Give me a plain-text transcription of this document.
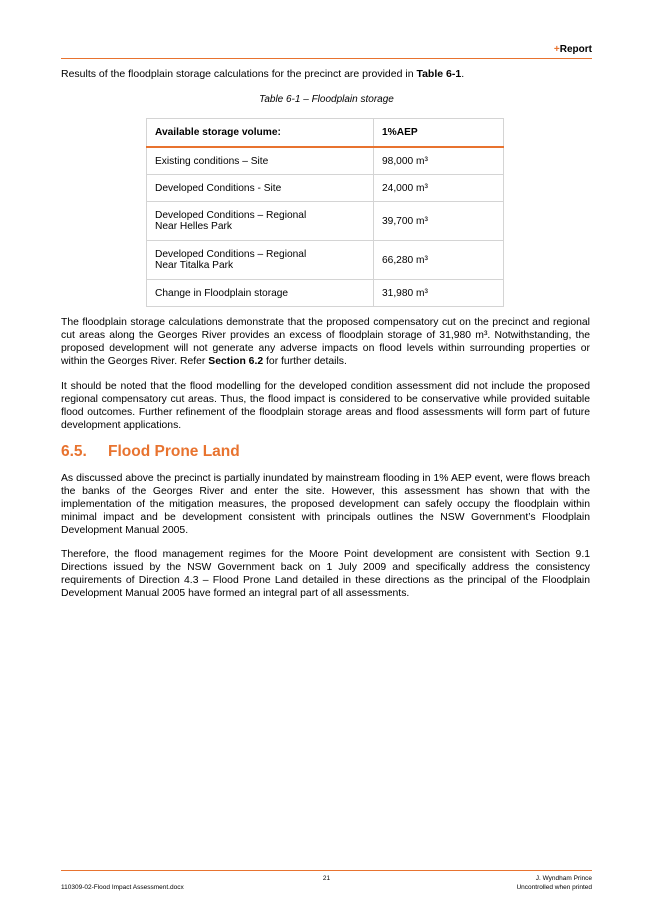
+Report
Results of the floodplain storage calculations for the precinct are provided in Table 6-1.
Table 6-1 – Floodplain storage
Available storage volume:	1%AEP
Existing conditions – Site	98,000 m³
Developed Conditions - Site	24,000 m³
Developed Conditions – Regional
Near Helles Park	39,700 m³
Developed Conditions – Regional
Near Titalka Park	66,280 m³
Change in Floodplain storage	31,980 m³
The floodplain storage calculations demonstrate that the proposed compensatory cut on the precinct and regional cut areas along the Georges River provides an excess of floodplain storage of 31,980 m³. Notwithstanding, the proposed development will not generate any adverse impacts on flood levels within surrounding properties or within the Georges River. Refer Section 6.2 for further details.
It should be noted that the flood modelling for the developed condition assessment did not include the proposed regional compensatory cut areas. Thus, the flood impact is considered to be conservative while provided suitable flood outcomes. Further refinement of the floodplain storage areas and flood assessments will form part of future development applications.
6.5. Flood Prone Land
As discussed above the precinct is partially inundated by mainstream flooding in 1% AEP event, were flows breach the banks of the Georges River and enter the site. However, this assessment has shown that with the implementation of the mitigation measures, the proposed development can safely occupy the floodplain within minimal impact and be development consistent with principals outlines the NSW Government’s Floodplain Development Manual 2005.
Therefore, the flood management regimes for the Moore Point development are consistent with Section 9.1 Directions issued by the NSW Government back on 1 July 2009 and specifically address the consistency requirements of Direction 4.3 – Flood Prone Land detailed in these directions as the principal of the Floodplain Development Manual 2005 have formed an integral part of all assessments.
21	J. Wyndham Prince
110309-02-Flood Impact Assessment.docx	Uncontrolled when printed
